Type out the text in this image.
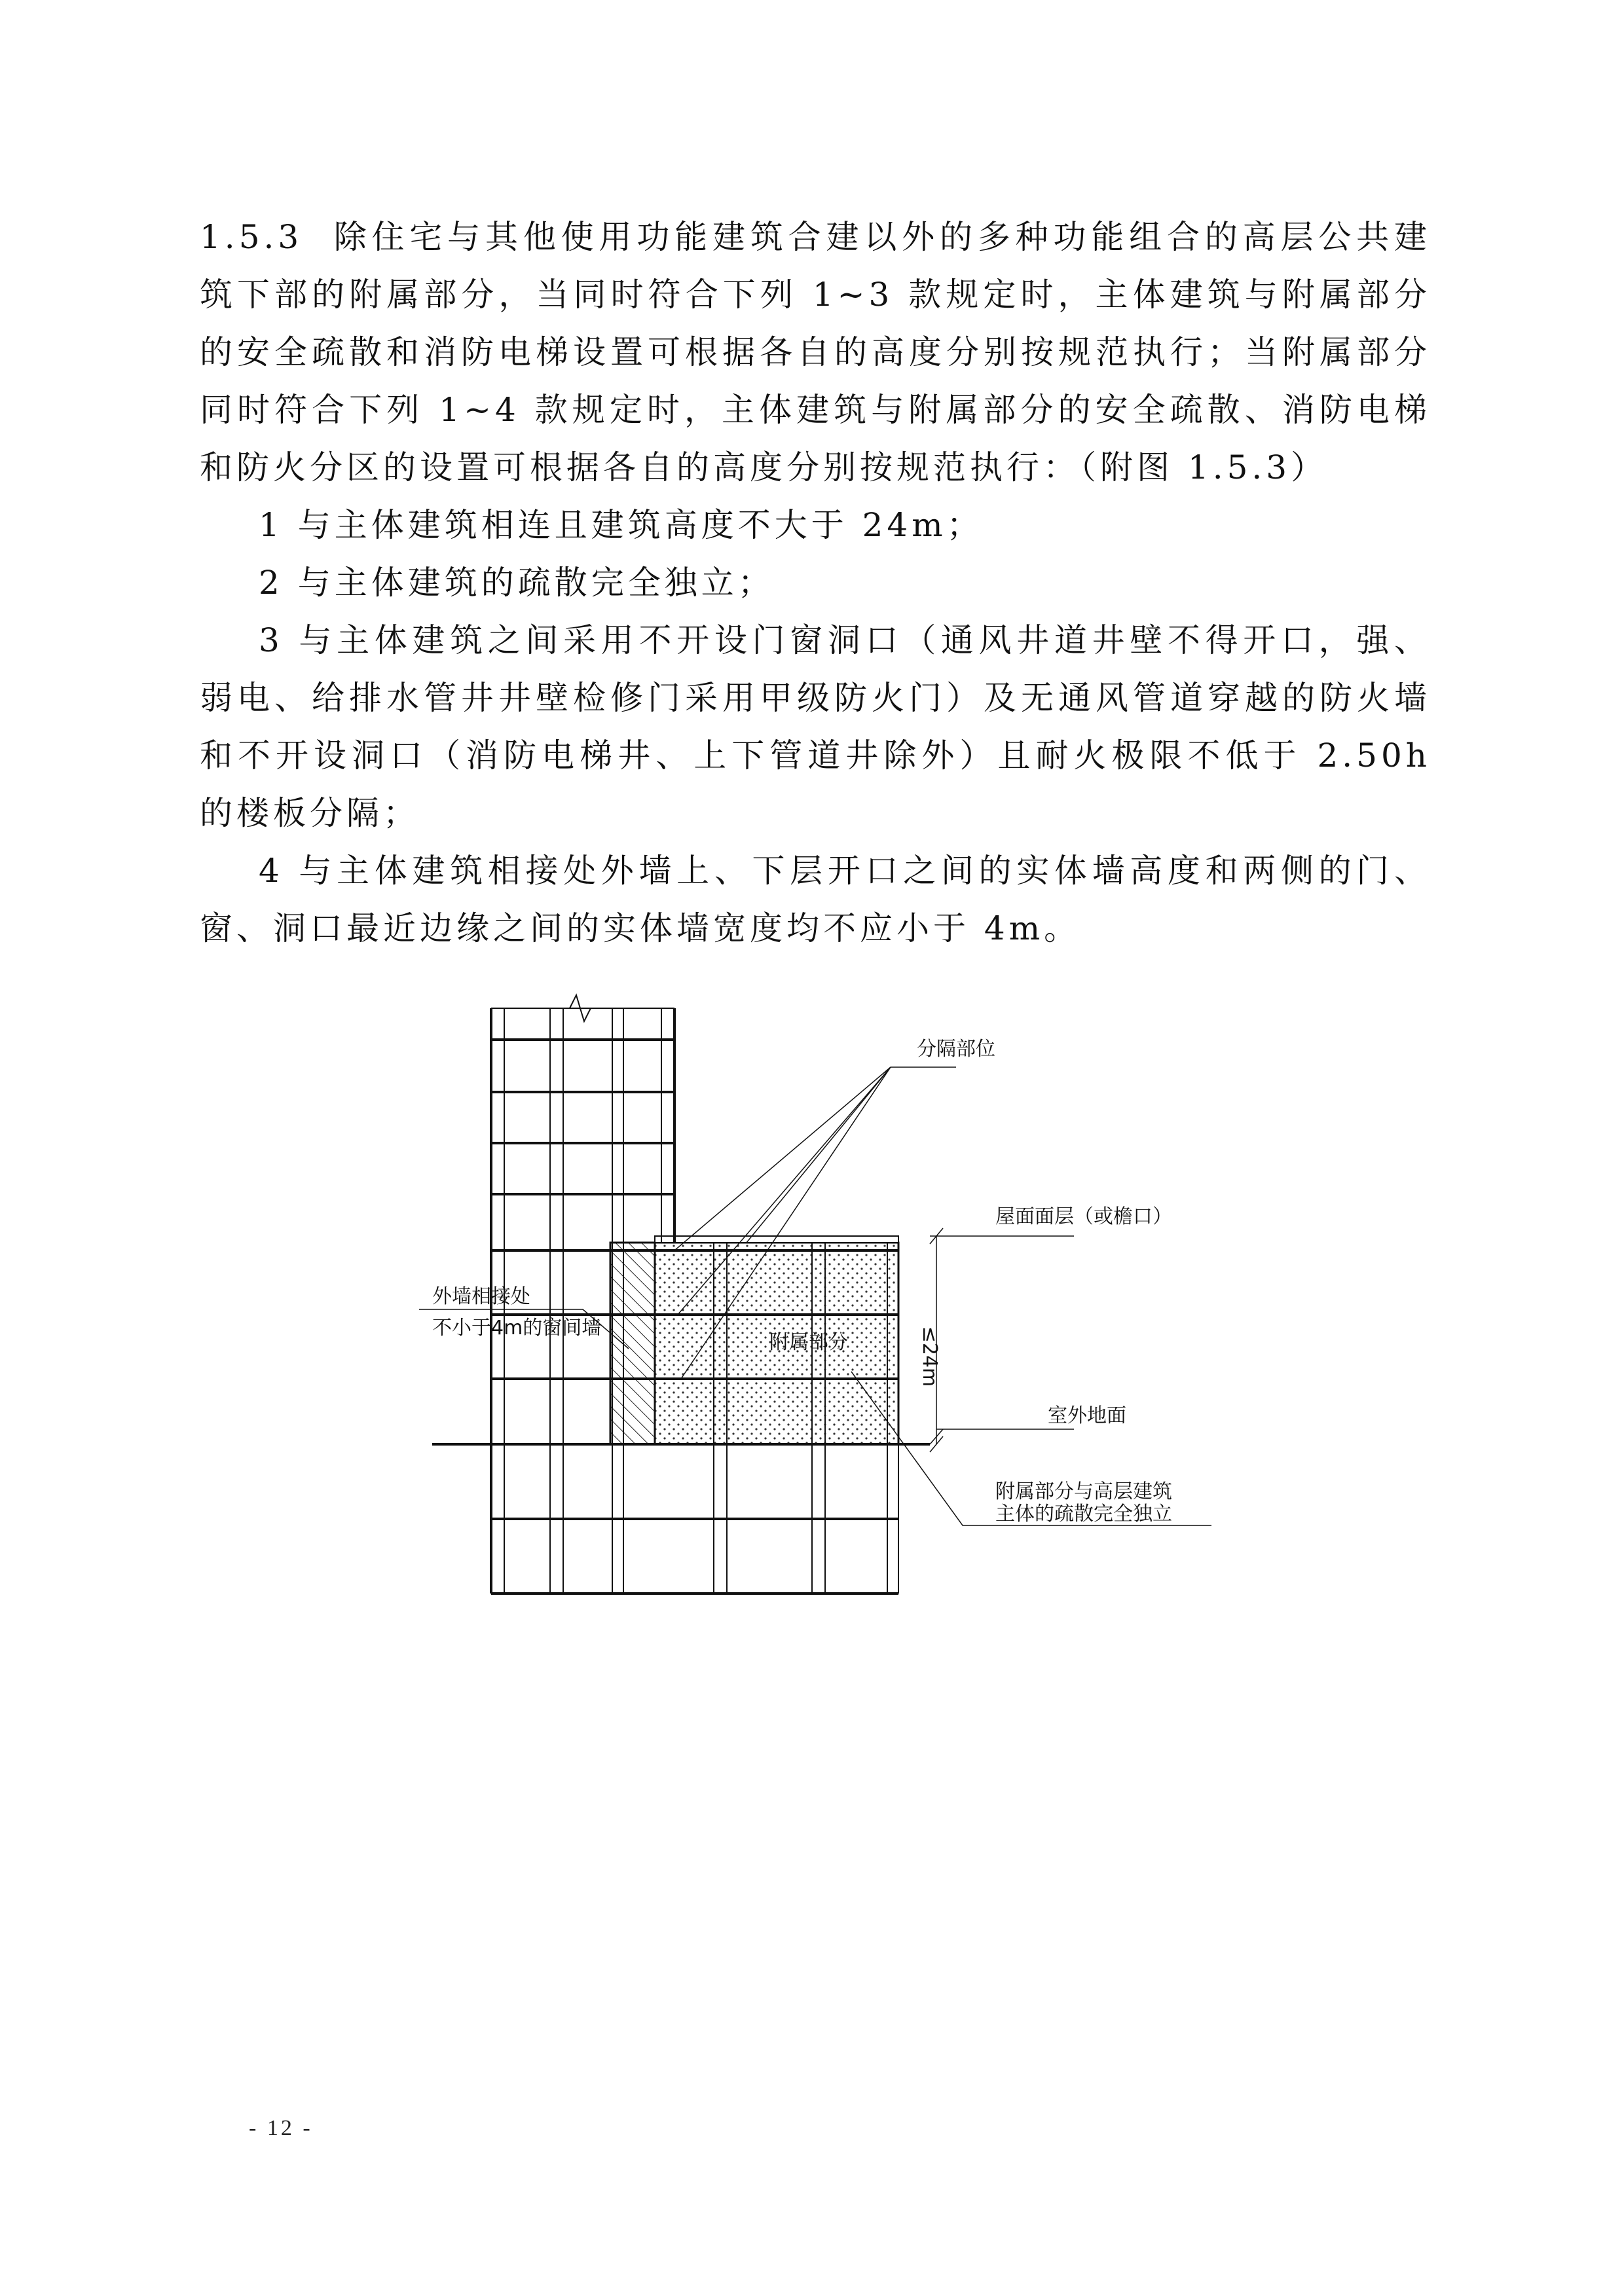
1.5.3 除住宅与其他使用功能建筑合建以外的多种功能组合的高层公共建筑下部的附属部分，当同时符合下列 1~3 款规定时，主体建筑与附属部分的安全疏散和消防电梯设置可根据各自的高度分别按规范执行；当附属部分同时符合下列 1~4 款规定时，主体建筑与附属部分的安全疏散、消防电梯和防火分区的设置可根据各自的高度分别按规范执行：（附图 1.5.3）

1 与主体建筑相连且建筑高度不大于 24m；

2 与主体建筑的疏散完全独立；

3 与主体建筑之间采用不开设门窗洞口（通风井道井壁不得开口，强、弱电、给排水管井井壁检修门采用甲级防火门）及无通风管道穿越的防火墙和不开设洞口（消防电梯井、上下管道井除外）且耐火极限不低于 2.50h 的楼板分隔；

4 与主体建筑相接处外墙上、下层开口之间的实体墙高度和两侧的门、窗、洞口最近边缘之间的实体墙宽度均不应小于 4m。

分隔部位
屋面面层（或檐口）
外墙相接处
不小于4m的窗间墙
附属部分	≤24m
室外地面
附属部分与高层建筑
主体的疏散完全独立
- 12 -
